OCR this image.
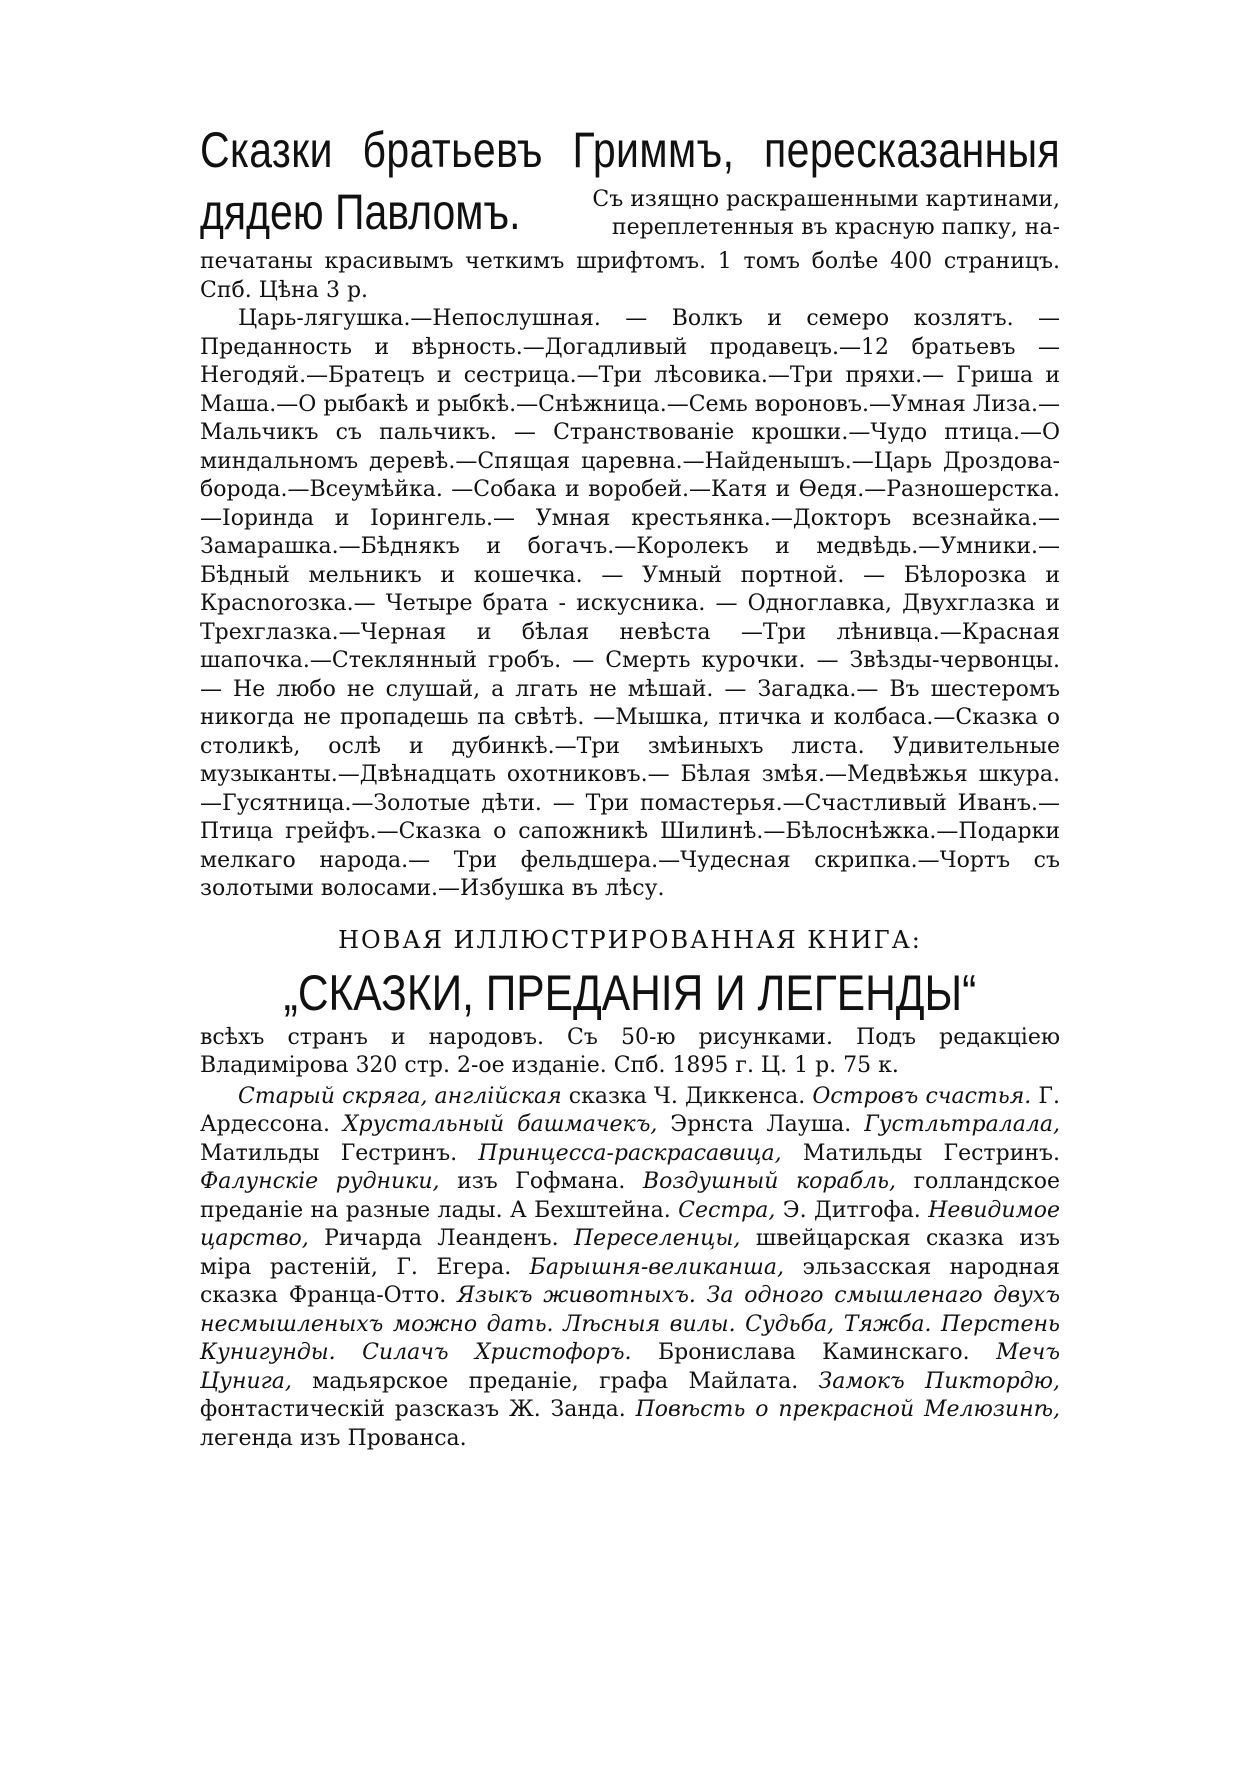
Сказки братьевъ Гриммъ, пересказанныя
дядею Павломъ.	Съ изящно раскрашенными картинами,
переплетенныя въ красную папку, на-

печатаны красивымъ четкимъ шрифтомъ. 1 томъ болѣе 400 страницъ. Спб. Цѣна 3 р.

Царь-лягушка.—Непослушная. — Волкъ и семеро козлятъ. — Преданность и вѣрность.—Догадливый продавецъ.—12 братьевъ — Негодяй.—Братецъ и сестрица.—Три лѣсовика.—Три пряхи.— Гриша и Маша.—О рыбакѣ и рыбкѣ.—Снѣжница.—Семь вороновъ.—Умная Лиза.—Мальчикъ съ пальчикъ. — Странствованіе крошки.—Чудо птица.—О миндальномъ деревѣ.—Спящая царевна.—Найденышъ.—Царь Дроздова-борода.—Всеумѣйка. —Собака и воробей.—Катя и Өедя.—Разношерстка.—Іоринда и Іорингель.— Умная крестьянка.—Докторъ всезнайка.—Замарашка.—Бѣднякъ и богачъ.—Королекъ и медвѣдь.—Умники.—Бѣдный мельникъ и кошечка. — Умный портной. — Бѣлорозка и Красnorозка.— Четыре брата - искусника. — Одноглавка, Двухглазка и Трехглазка.—Черная и бѣлая невѣста —Три лѣнивца.—Красная шапочка.—Стеклянный гробъ. — Смерть курочки. — Звѣзды-червонцы. — Не любо не слушай, а лгать не мѣшай. — Загадка.— Въ шестеромъ никогда не пропадешь па свѣтѣ. —Мышка, птичка и колбаса.—Сказка о столикѣ, ослѣ и дубинкѣ.—Три змѣиныхъ листа. Удивительные музыканты.—Двѣнадцать охотниковъ.— Бѣлая змѣя.—Медвѣжья шкура.—Гусятница.—Золотые дѣти. — Три помастерья.—Счастливый Иванъ.—Птица грейфъ.—Сказка о сапожникѣ Шилинѣ.—Бѣлоснѣжка.—Подарки мелкаго народа.— Три фельдшера.—Чудесная скрипка.—Чортъ съ золотыми волосами.—Избушка въ лѣсу.

НОВАЯ ИЛЛЮСТРИРОВАННАЯ КНИГА:
„СКАЗКИ, ПРЕДАНІЯ И ЛЕГЕНДЫ“

всѣхъ странъ и народовъ. Съ 50-ю рисунками. Подъ редакціею Владимірова 320 стр. 2-ое изданіе. Спб. 1895 г. Ц. 1 р. 75 к.

Старый скряга, англійская сказка Ч. Диккенса. Островъ счастья. Г. Ардессона. Хрустальный башмачекъ, Эрнста Лауша. Густльтралала, Матильды Гестринъ. Принцесса-раскрасавица, Матильды Гестринъ. Фалунскіе рудники, изъ Гофмана. Воздушный корабль, голландское преданіе на разные лады. А Бехштейна. Сестра, Э. Дитгофа. Невидимое царство, Ричарда Леанденъ. Переселенцы, швейцарская сказка изъ міра растеній, Г. Егера. Барышня-великанша, эльзасская народная сказка Франца-Отто. Языкъ животныхъ. За одного смышленаго двухъ несмышленыхъ можно дать. Лѣсныя вилы. Судьба, Тяжба. Перстень Кунигунды. Силачъ Христофоръ. Бронислава Каминскаго. Мечъ Цунига, мадьярское преданіе, графа Майлата. Замокъ Пиктордю, фонтастическій разсказъ Ж. Занда. Повѣсть о прекрасной Мелюзинѣ, легенда изъ Прованса.
